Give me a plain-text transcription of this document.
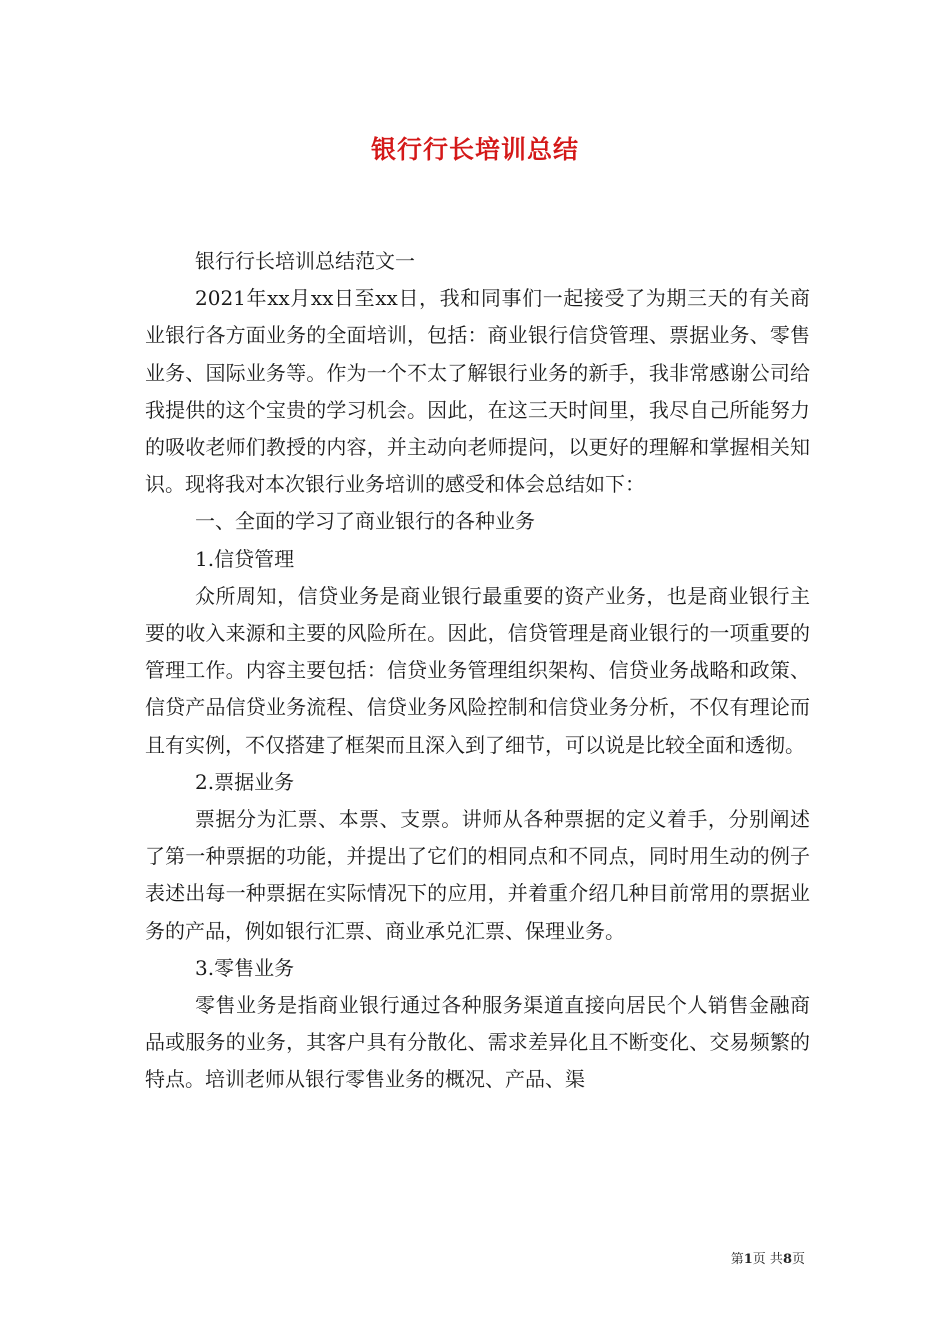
银行行长培训总结

银行行长培训总结范文一

2021年xx月xx日至xx日，我和同事们一起接受了为期三天的有关商业银行各方面业务的全面培训，包括：商业银行信贷管理、票据业务、零售业务、国际业务等。作为一个不太了解银行业务的新手，我非常感谢公司给我提供的这个宝贵的学习机会。因此，在这三天时间里，我尽自己所能努力的吸收老师们教授的内容，并主动向老师提问，以更好的理解和掌握相关知识。现将我对本次银行业务培训的感受和体会总结如下：

一、全面的学习了商业银行的各种业务

1.信贷管理

众所周知，信贷业务是商业银行最重要的资产业务，也是商业银行主要的收入来源和主要的风险所在。因此，信贷管理是商业银行的一项重要的管理工作。内容主要包括：信贷业务管理组织架构、信贷业务战略和政策、信贷产品信贷业务流程、信贷业务风险控制和信贷业务分析，不仅有理论而且有实例，不仅搭建了框架而且深入到了细节，可以说是比较全面和透彻。

2.票据业务

票据分为汇票、本票、支票。讲师从各种票据的定义着手，分别阐述了第一种票据的功能，并提出了它们的相同点和不同点，同时用生动的例子表述出每一种票据在实际情况下的应用，并着重介绍几种目前常用的票据业务的产品，例如银行汇票、商业承兑汇票、保理业务。

3.零售业务

零售业务是指商业银行通过各种服务渠道直接向居民个人销售金融商品或服务的业务，其客户具有分散化、需求差异化且不断变化、交易频繁的特点。培训老师从银行零售业务的概况、产品、渠

第1页 共8页
